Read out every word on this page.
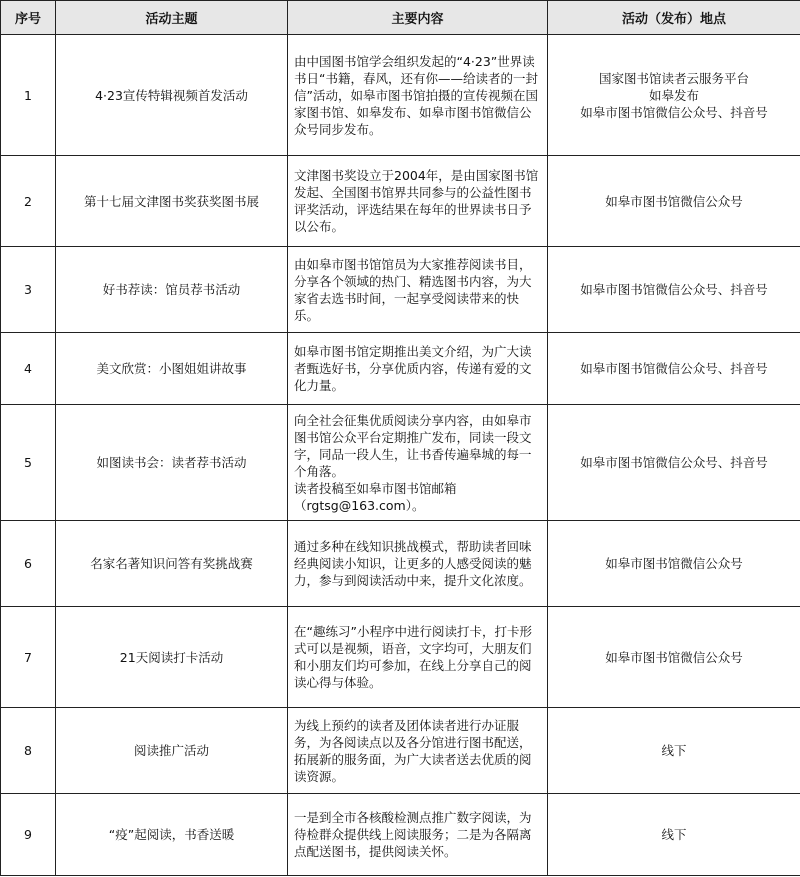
序号	活动主题	主要内容	活动（发布）地点
1	4·23宣传特辑视频首发活动	由中国图书馆学会组织发起的“4·23”世界读书日“书籍，春风，还有你——给读者的一封信”活动，如皋市图书馆拍摄的宣传视频在国家图书馆、如皋发布、如皋市图书馆微信公众号同步发布。	国家图书馆读者云服务平台
如皋发布
如皋市图书馆微信公众号、抖音号

2	第十七届文津图书奖获奖图书展	文津图书奖设立于2004年，是由国家图书馆发起、全国图书馆界共同参与的公益性图书评奖活动，评选结果在每年的世界读书日予以公布。	如皋市图书馆微信公众号

3	好书荐读：馆员荐书活动	由如皋市图书馆馆员为大家推荐阅读书目，分享各个领域的热门、精选图书内容，为大家省去选书时间，一起享受阅读带来的快乐。	如皋市图书馆微信公众号、抖音号

4	美文欣赏：小图姐姐讲故事	如皋市图书馆定期推出美文介绍，为广大读者甄选好书，分享优质内容，传递有爱的文化力量。	如皋市图书馆微信公众号、抖音号

5	如图读书会：读者荐书活动	向全社会征集优质阅读分享内容，由如皋市图书馆公众平台定期推广发布，同读一段文字，同品一段人生，让书香传遍皋城的每一个角落。
读者投稿至如皋市图书馆邮箱（rgtsg@163.com）。	如皋市图书馆微信公众号、抖音号

6	名家名著知识问答有奖挑战赛	通过多种在线知识挑战模式，帮助读者回味经典阅读小知识，让更多的人感受阅读的魅力，参与到阅读活动中来，提升文化浓度。	如皋市图书馆微信公众号

7	21天阅读打卡活动	在“趣练习”小程序中进行阅读打卡，打卡形式可以是视频，语音，文字均可，大朋友们和小朋友们均可参加，在线上分享自己的阅读心得与体验。	如皋市图书馆微信公众号

8	阅读推广活动	为线上预约的读者及团体读者进行办证服务，为各阅读点以及各分馆进行图书配送，拓展新的服务面，为广大读者送去优质的阅读资源。	线下

9	“疫”起阅读，书香送暖	一是到全市各核酸检测点推广数字阅读，为待检群众提供线上阅读服务；二是为各隔离点配送图书，提供阅读关怀。	线下
